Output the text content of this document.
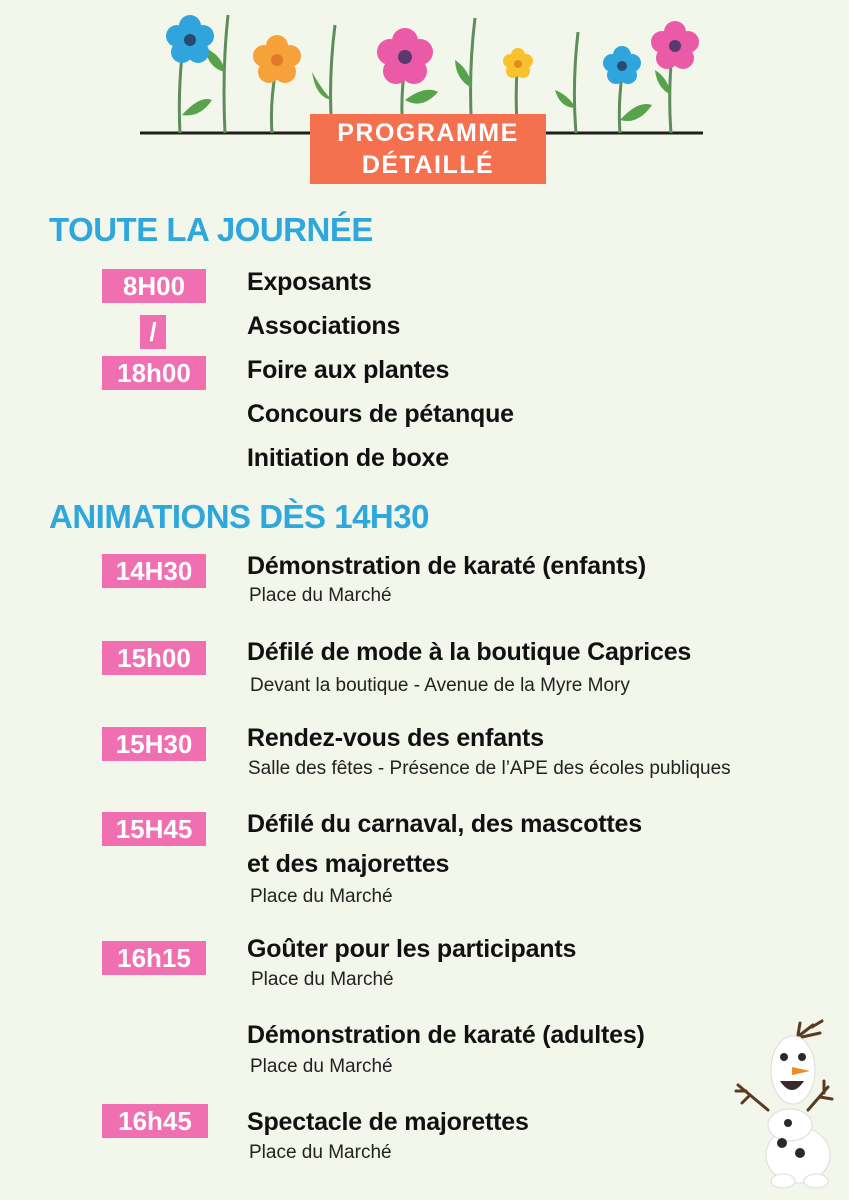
PROGRAMME
DÉTAILLÉ
TOUTE LA JOURNÉE
8H00
/
18h00
Exposants
Associations
Foire aux plantes
Concours de pétanque
Initiation de boxe
ANIMATIONS DÈS 14H30
14H30	Démonstration de karaté (enfants)
Place du Marché
15h00	Défilé de mode à la boutique Caprices
Devant la boutique - Avenue de la Myre Mory
15H30	Rendez-vous des enfants
Salle des fêtes - Présence de l’APE des écoles publiques
15H45	Défilé du carnaval, des mascottes
et des majorettes
Place du Marché
16h15	Goûter pour les participants
Place du Marché
Démonstration de karaté (adultes)
Place du Marché
16h45	Spectacle de majorettes
Place du Marché
